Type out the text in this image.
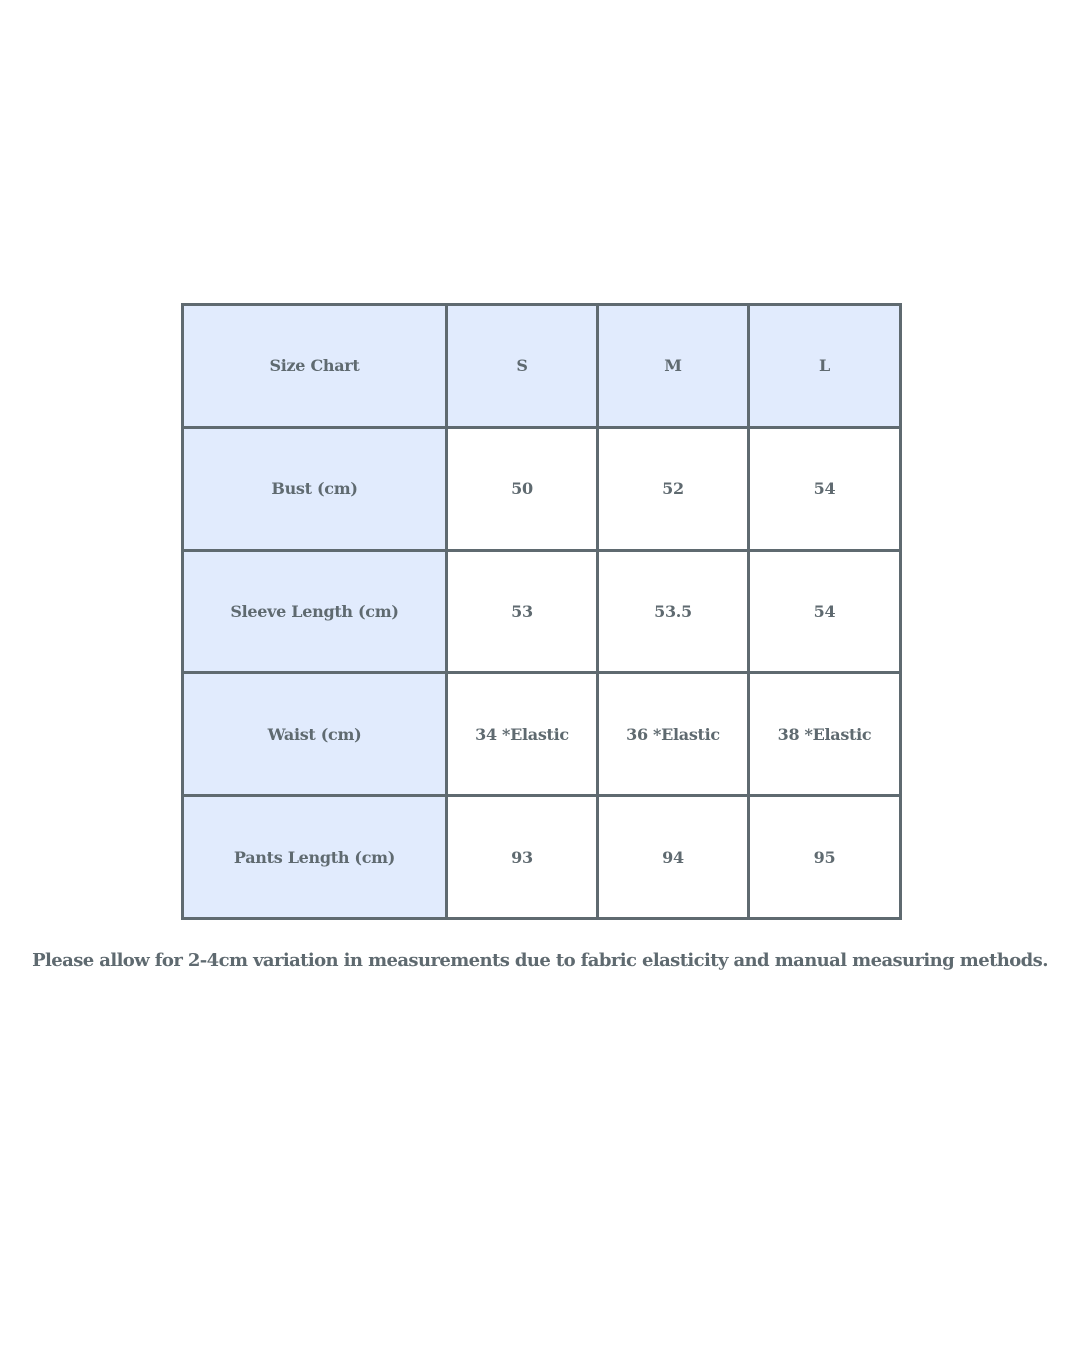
Size Chart	S	M	L
Bust (cm)	50	52	54
Sleeve Length (cm)	53	53.5	54
Waist (cm)	34 *Elastic	36 *Elastic	38 *Elastic
Pants Length (cm)	93	94	95
Please allow for 2-4cm variation in measurements due to fabric elasticity and manual measuring methods.
